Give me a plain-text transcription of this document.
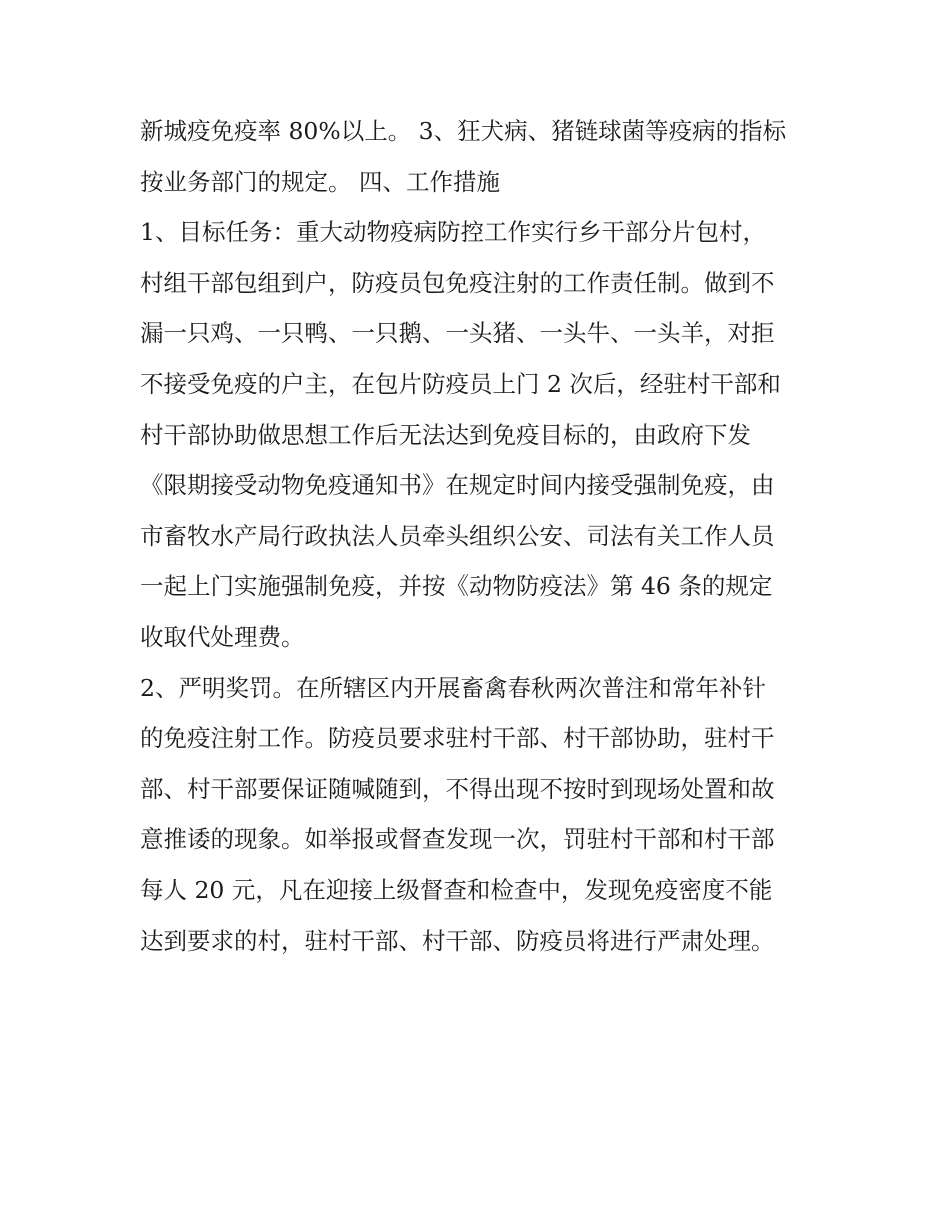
新城疫免疫率 80%以上。 3、狂犬病、猪链球菌等疫病的指标
按业务部门的规定。 四、工作措施
1、目标任务：重大动物疫病防控工作实行乡干部分片包村，
村组干部包组到户，防疫员包免疫注射的工作责任制。做到不
漏一只鸡、一只鸭、一只鹅、一头猪、一头牛、一头羊，对拒
不接受免疫的户主，在包片防疫员上门 2 次后，经驻村干部和
村干部协助做思想工作后无法达到免疫目标的，由政府下发
《限期接受动物免疫通知书》在规定时间内接受强制免疫，由
市畜牧水产局行政执法人员牵头组织公安、司法有关工作人员
一起上门实施强制免疫，并按《动物防疫法》第 46 条的规定
收取代处理费。
2、严明奖罚。在所辖区内开展畜禽春秋两次普注和常年补针
的免疫注射工作。防疫员要求驻村干部、村干部协助，驻村干
部、村干部要保证随喊随到，不得出现不按时到现场处置和故
意推诿的现象。如举报或督查发现一次，罚驻村干部和村干部
每人 20 元，凡在迎接上级督查和检查中，发现免疫密度不能
达到要求的村，驻村干部、村干部、防疫员将进行严肃处理。
